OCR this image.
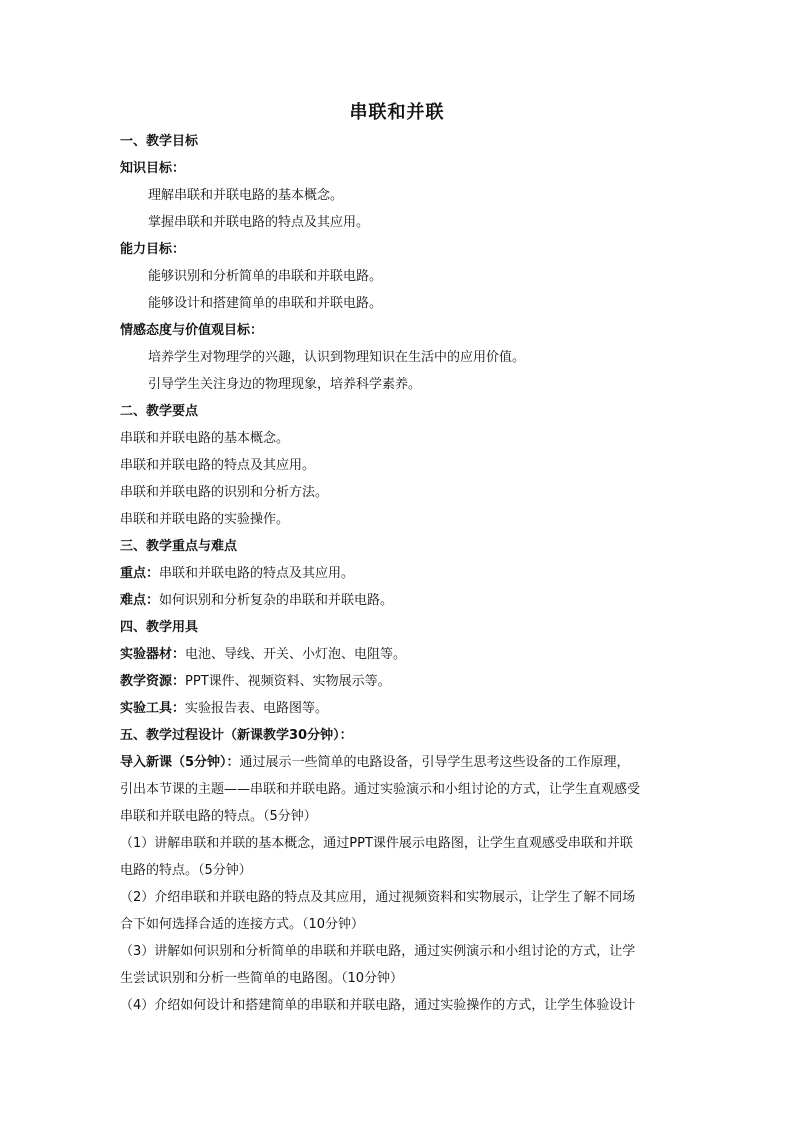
串联和并联
一、教学目标
知识目标：
理解串联和并联电路的基本概念。
掌握串联和并联电路的特点及其应用。
能力目标：
能够识别和分析简单的串联和并联电路。
能够设计和搭建简单的串联和并联电路。
情感态度与价值观目标：
培养学生对物理学的兴趣，认识到物理知识在生活中的应用价值。
引导学生关注身边的物理现象，培养科学素养。
二、教学要点
串联和并联电路的基本概念。
串联和并联电路的特点及其应用。
串联和并联电路的识别和分析方法。
串联和并联电路的实验操作。
三、教学重点与难点
重点：串联和并联电路的特点及其应用。
难点：如何识别和分析复杂的串联和并联电路。
四、教学用具
实验器材：电池、导线、开关、小灯泡、电阻等。
教学资源：PPT课件、视频资料、实物展示等。
实验工具：实验报告表、电路图等。
五、教学过程设计（新课教学30分钟）：
导入新课（5分钟）：通过展示一些简单的电路设备，引导学生思考这些设备的工作原理，
引出本节课的主题——串联和并联电路。通过实验演示和小组讨论的方式，让学生直观感受
串联和并联电路的特点。（5分钟）
（1）讲解串联和并联的基本概念，通过PPT课件展示电路图，让学生直观感受串联和并联
电路的特点。（5分钟）
（2）介绍串联和并联电路的特点及其应用，通过视频资料和实物展示，让学生了解不同场
合下如何选择合适的连接方式。（10分钟）
（3）讲解如何识别和分析简单的串联和并联电路，通过实例演示和小组讨论的方式，让学
生尝试识别和分析一些简单的电路图。（10分钟）
（4）介绍如何设计和搭建简单的串联和并联电路，通过实验操作的方式，让学生体验设计
